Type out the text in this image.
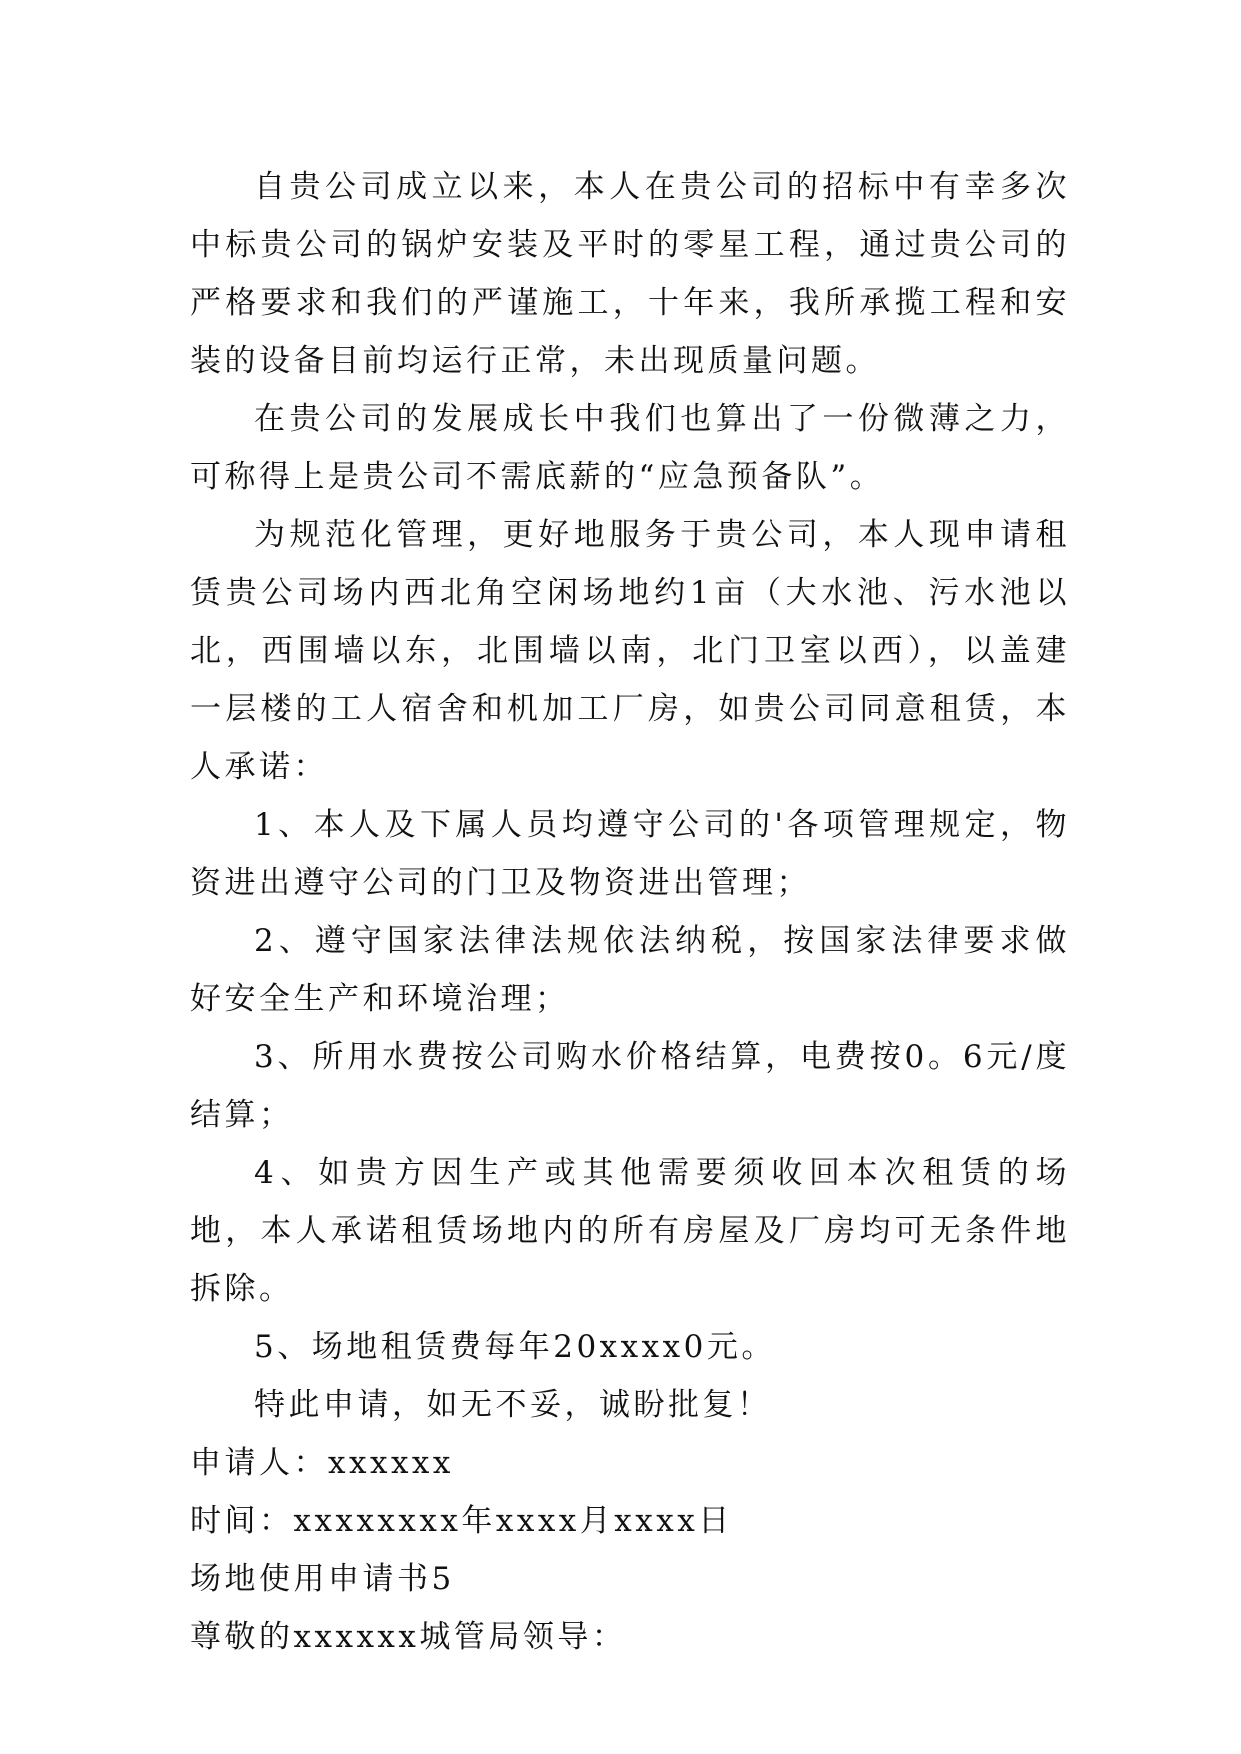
自贵公司成立以来，本人在贵公司的招标中有幸多次中标贵公司的锅炉安装及平时的零星工程，通过贵公司的严格要求和我们的严谨施工，十年来，我所承揽工程和安装的设备目前均运行正常，未出现质量问题。

在贵公司的发展成长中我们也算出了一份微薄之力，可称得上是贵公司不需底薪的“应急预备队”。

为规范化管理，更好地服务于贵公司，本人现申请租赁贵公司场内西北角空闲场地约1亩（大水池、污水池以北，西围墙以东，北围墙以南，北门卫室以西），以盖建一层楼的工人宿舍和机加工厂房，如贵公司同意租赁，本人承诺：

1、本人及下属人员均遵守公司的'各项管理规定，物资进出遵守公司的门卫及物资进出管理；

2、遵守国家法律法规依法纳税，按国家法律要求做好安全生产和环境治理；

3、所用水费按公司购水价格结算，电费按0。6元/度结算；

4、如贵方因生产或其他需要须收回本次租赁的场地，本人承诺租赁场地内的所有房屋及厂房均可无条件地拆除。

5、场地租赁费每年20xxxx0元。

特此申请，如无不妥，诚盼批复！

申请人：xxxxxx

时间：xxxxxxxx年xxxx月xxxx日

场地使用申请书5

尊敬的xxxxxx城管局领导：
